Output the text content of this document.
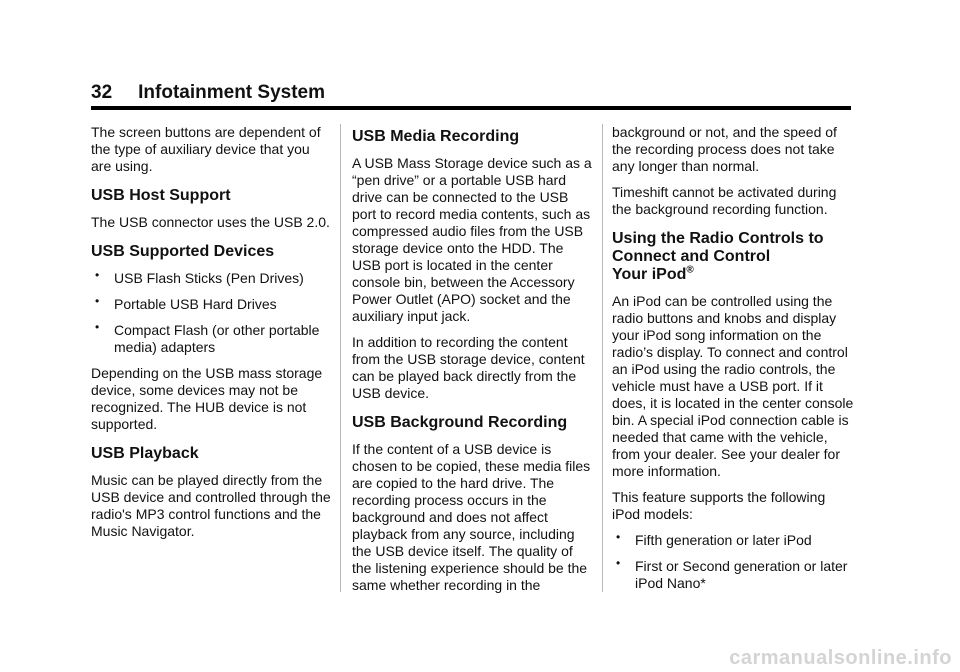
32 Infotainment System

The screen buttons are dependent of the type of auxiliary device that you are using.

USB Host Support

The USB connector uses the USB 2.0.

USB Supported Devices
• USB Flash Sticks (Pen Drives)
• Portable USB Hard Drives
• Compact Flash (or other portable media) adapters

Depending on the USB mass storage device, some devices may not be recognized. The HUB device is not supported.

USB Playback

Music can be played directly from the USB device and controlled through the radio's MP3 control functions and the Music Navigator.

USB Media Recording

A USB Mass Storage device such as a “pen drive” or a portable USB hard drive can be connected to the USB port to record media contents, such as compressed audio files from the USB storage device onto the HDD. The USB port is located in the center console bin, between the Accessory Power Outlet (APO) socket and the auxiliary input jack.

In addition to recording the content from the USB storage device, content can be played back directly from the USB device.

USB Background Recording

If the content of a USB device is chosen to be copied, these media files are copied to the hard drive. The recording process occurs in the background and does not affect playback from any source, including the USB device itself. The quality of the listening experience should be the same whether recording in the

background or not, and the speed of the recording process does not take any longer than normal.

Timeshift cannot be activated during the background recording function.

Using the Radio Controls to Connect and Control
Your iPod®

An iPod can be controlled using the radio buttons and knobs and display your iPod song information on the radio’s display. To connect and control an iPod using the radio controls, the vehicle must have a USB port. If it does, it is located in the center console bin. A special iPod connection cable is needed that came with the vehicle, from your dealer. See your dealer for more information.

This feature supports the following iPod models:

• Fifth generation or later iPod
• First or Second generation or later iPod Nano*
carmanualsonline.info
